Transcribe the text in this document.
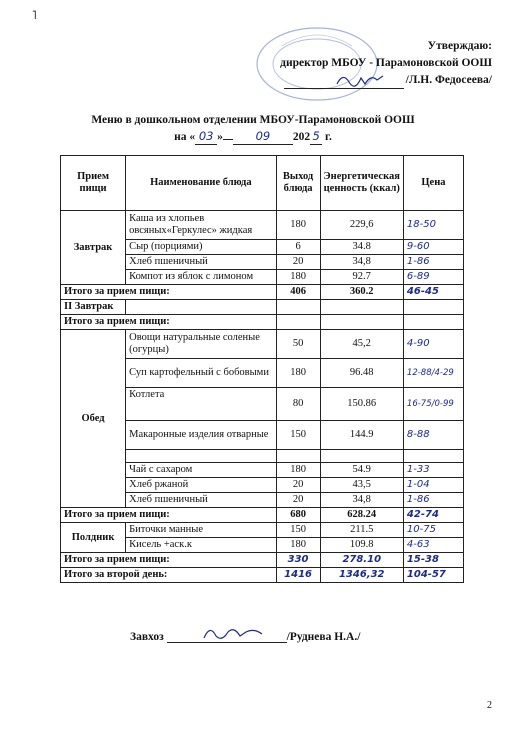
˥
Утверждаю:
директор МБОУ - Парамоновской ООШ
/Л.Н. Федосеева/
Меню в дошкольном отделении МБОУ-Парамоновской ООШ
на « 03 »	09 202 5 г.
Прием пищи	Наименование блюда	Выход блюда	Энергетическая ценность (ккал)	Цена
Завтрак	Каша из хлопьев овсяных«Геркулес» жидкая	180	229,6	18-50
	Сыр (порциями)	6	34.8	9-60
	Хлеб пшеничный	20	34,8	1-86
	Компот из яблок с лимоном	180	92.7	6-89
Итого за прием пищи:		406	360.2	46-45
II Завтрак				
Итого за прием пищи:				
Обед	Овощи натуральные соленые (огурцы)	50	45,2	4-90
	Суп картофельный с бобовыми	180	96.48	12-88/4-29
	Котлета	80	150.86	16-75/0-99
	Макаронные изделия отварные	150	144.9	8-88

	Чай с сахаром	180	54.9	1-33
	Хлеб ржаной	20	43,5	1-04
	Хлеб пшеничный	20	34,8	1-86
Итого за прием пищи:		680	628.24	42-74
Полдник	Биточки манные	150	211.5	10-75
	Кисель +аск.к	180	109.8	4-63
Итого за прием пищи:		330	278.10	15-38
Итого за второй день:		1416	1346,32	104-57
Завхоз	/Руднева Н.А./
2
